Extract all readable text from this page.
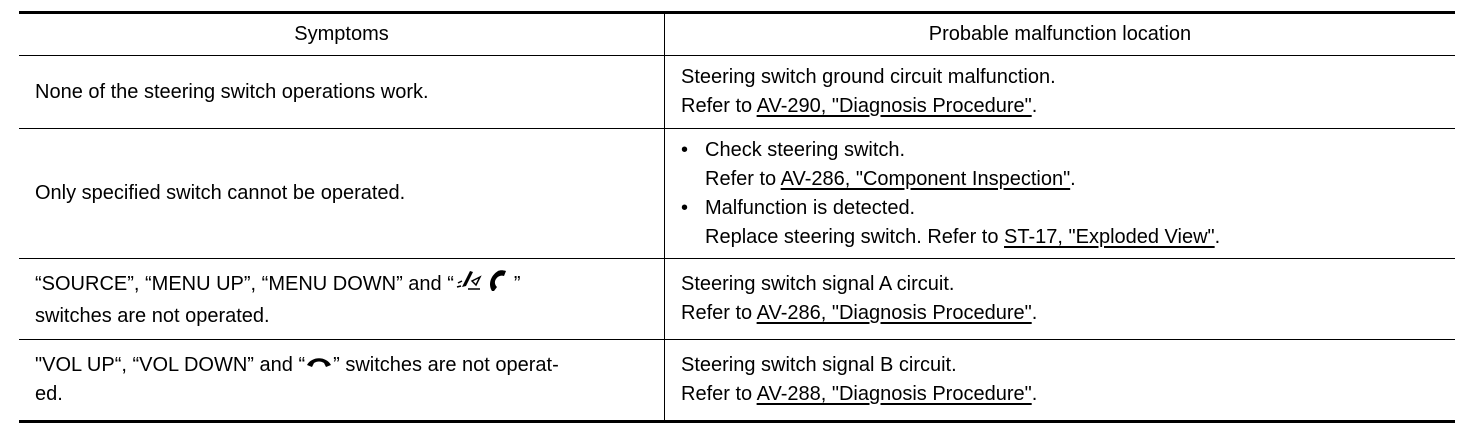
Symptoms	Probable malfunction location
None of the steering switch operations work.
Steering switch ground circuit malfunction.
Refer to AV-290, "Diagnosis Procedure".
Only specified switch cannot be operated.
• Check steering switch.
Refer to AV-286, "Component Inspection".
• Malfunction is detected.
Replace steering switch. Refer to ST-17, "Exploded View".
“SOURCE”, “MENU UP”, “MENU DOWN” and “	”
switches are not operated.
Steering switch signal A circuit.
Refer to AV-286, "Diagnosis Procedure".
"VOL UP“, “VOL DOWN” and “ ” switches are not operat-
ed.
Steering switch signal B circuit.
Refer to AV-288, "Diagnosis Procedure".
